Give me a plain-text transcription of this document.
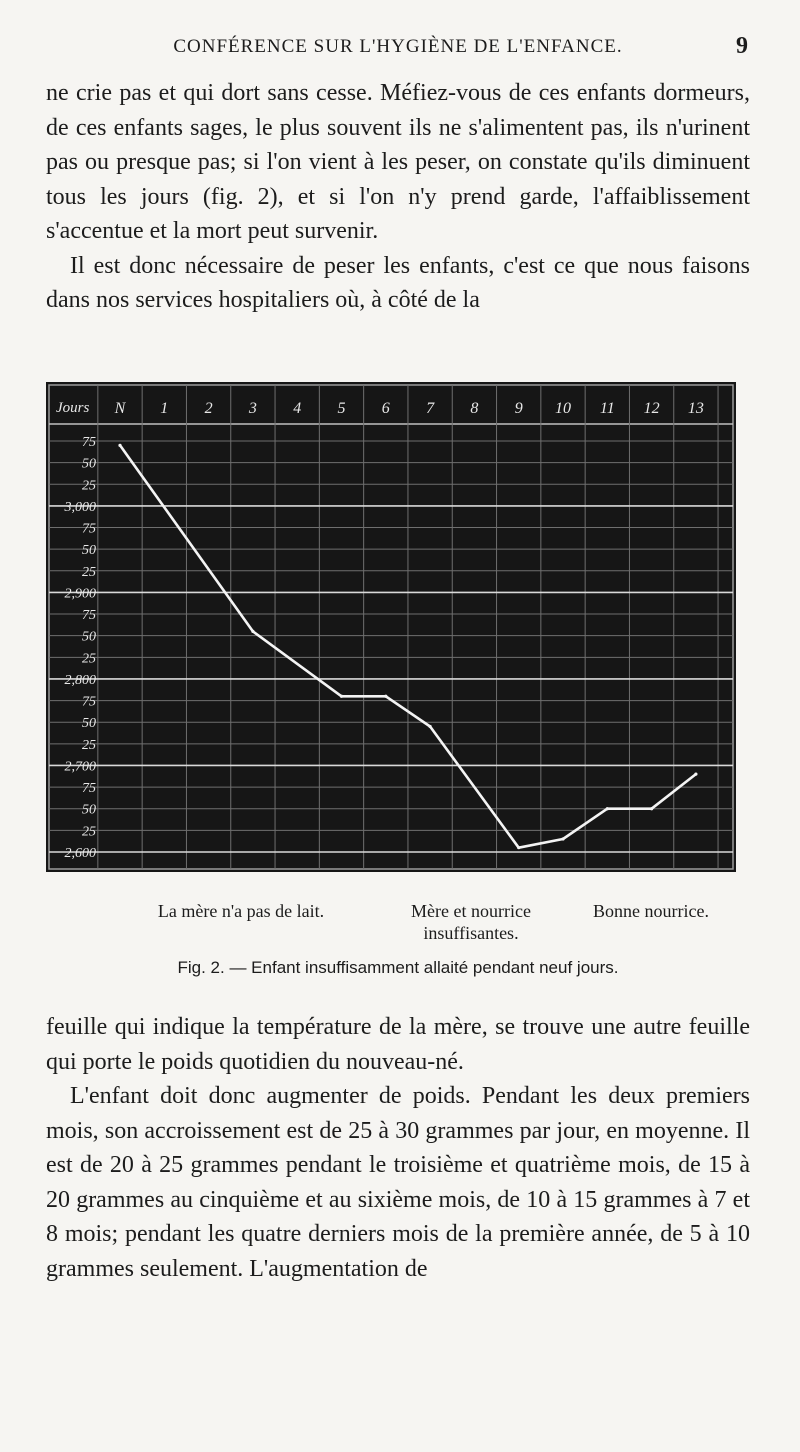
CONFÉRENCE SUR L'HYGIÈNE DE L'ENFANCE.	9

ne crie pas et qui dort sans cesse. Méfiez-vous de ces enfants dormeurs, de ces enfants sages, le plus souvent ils ne s'alimentent pas, ils n'urinent pas ou presque pas; si l'on vient à les peser, on constate qu'ils diminuent tous les jours (fig. 2), et si l'on n'y prend garde, l'affaiblissement s'accentue et la mort peut survenir.

Il est donc nécessaire de peser les enfants, c'est ce que nous faisons dans nos services hospitaliers où, à côté de la

Jours N 1 2 3 4 5 6 7 8 9 10 11 12 13
75
50
25
3,000
75
50
25
2,900
75
50
25
2,800
75
50
25
2,700
75
50
25
2,600
La mère n'a pas de lait.	Mère et nourrice
insuffisantes.
Bonne nourrice.
Fig. 2. — Enfant insuffisamment allaité pendant neuf jours.

feuille qui indique la température de la mère, se trouve une autre feuille qui porte le poids quotidien du nouveau-né.

L'enfant doit donc augmenter de poids. Pendant les deux premiers mois, son accroissement est de 25 à 30 grammes par jour, en moyenne. Il est de 20 à 25 grammes pendant le troisième et quatrième mois, de 15 à 20 grammes au cinquième et au sixième mois, de 10 à 15 grammes à 7 et 8 mois; pendant les quatre derniers mois de la première année, de 5 à 10 grammes seulement. L'augmentation de
